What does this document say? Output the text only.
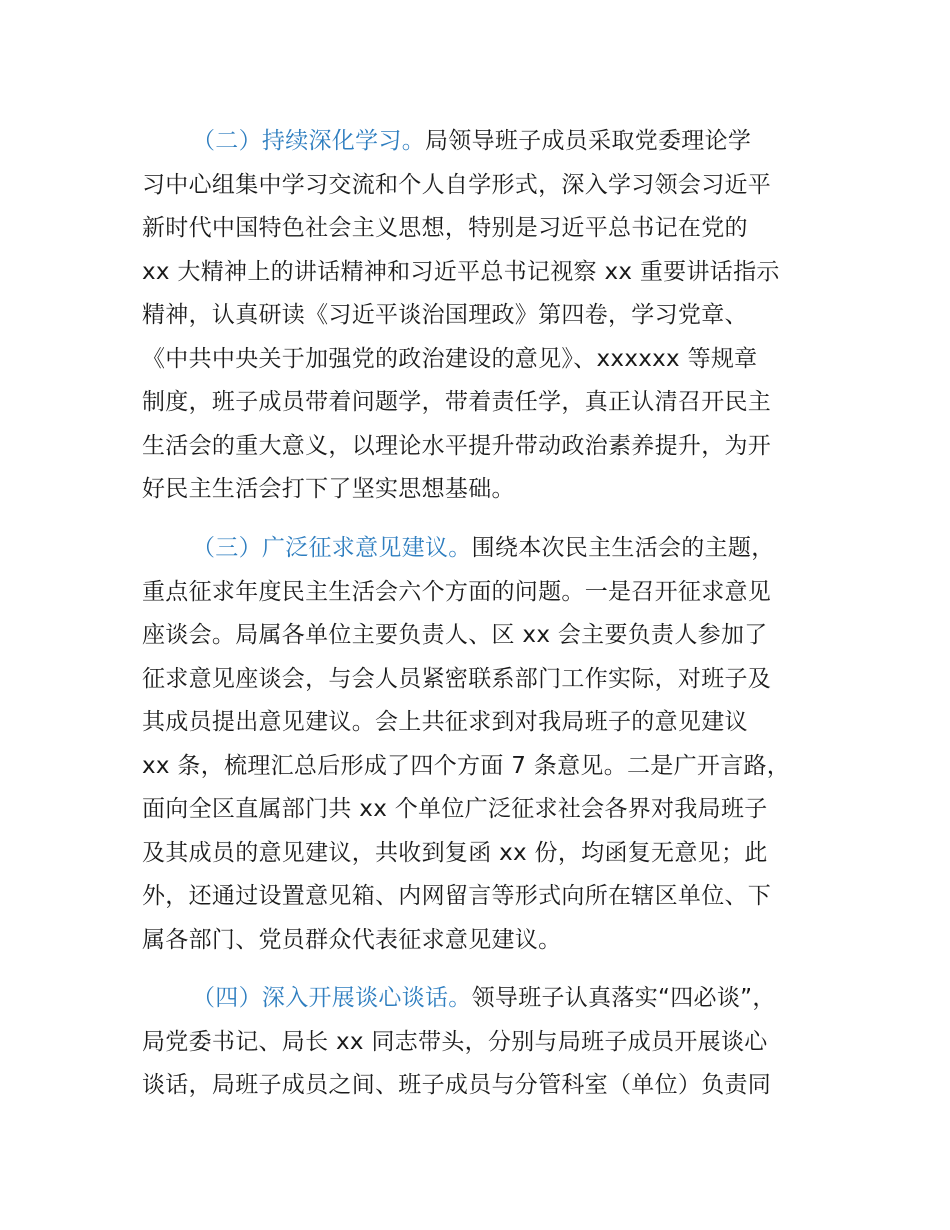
（二）持续深化学习。局领导班子成员采取党委理论学
习中心组集中学习交流和个人自学形式，深入学习领会习近平
新时代中国特色社会主义思想，特别是习近平总书记在党的
xx 大精神上的讲话精神和习近平总书记视察 xx 重要讲话指示
精神，认真研读《习近平谈治国理政》第四卷，学习党章、
《中共中央关于加强党的政治建设的意见》、xxxxxx 等规章
制度，班子成员带着问题学，带着责任学，真正认清召开民主
生活会的重大意义，以理论水平提升带动政治素养提升，为开
好民主生活会打下了坚实思想基础。
（三）广泛征求意见建议。围绕本次民主生活会的主题，
重点征求年度民主生活会六个方面的问题。一是召开征求意见
座谈会。局属各单位主要负责人、区 xx 会主要负责人参加了
征求意见座谈会，与会人员紧密联系部门工作实际，对班子及
其成员提出意见建议。会上共征求到对我局班子的意见建议
xx 条，梳理汇总后形成了四个方面 7 条意见。二是广开言路，
面向全区直属部门共 xx 个单位广泛征求社会各界对我局班子
及其成员的意见建议，共收到复函 xx 份，均函复无意见；此
外，还通过设置意见箱、内网留言等形式向所在辖区单位、下
属各部门、党员群众代表征求意见建议。
（四）深入开展谈心谈话。领导班子认真落实“四必谈”，
局党委书记、局长 xx 同志带头，分别与局班子成员开展谈心
谈话，局班子成员之间、班子成员与分管科室（单位）负责同
